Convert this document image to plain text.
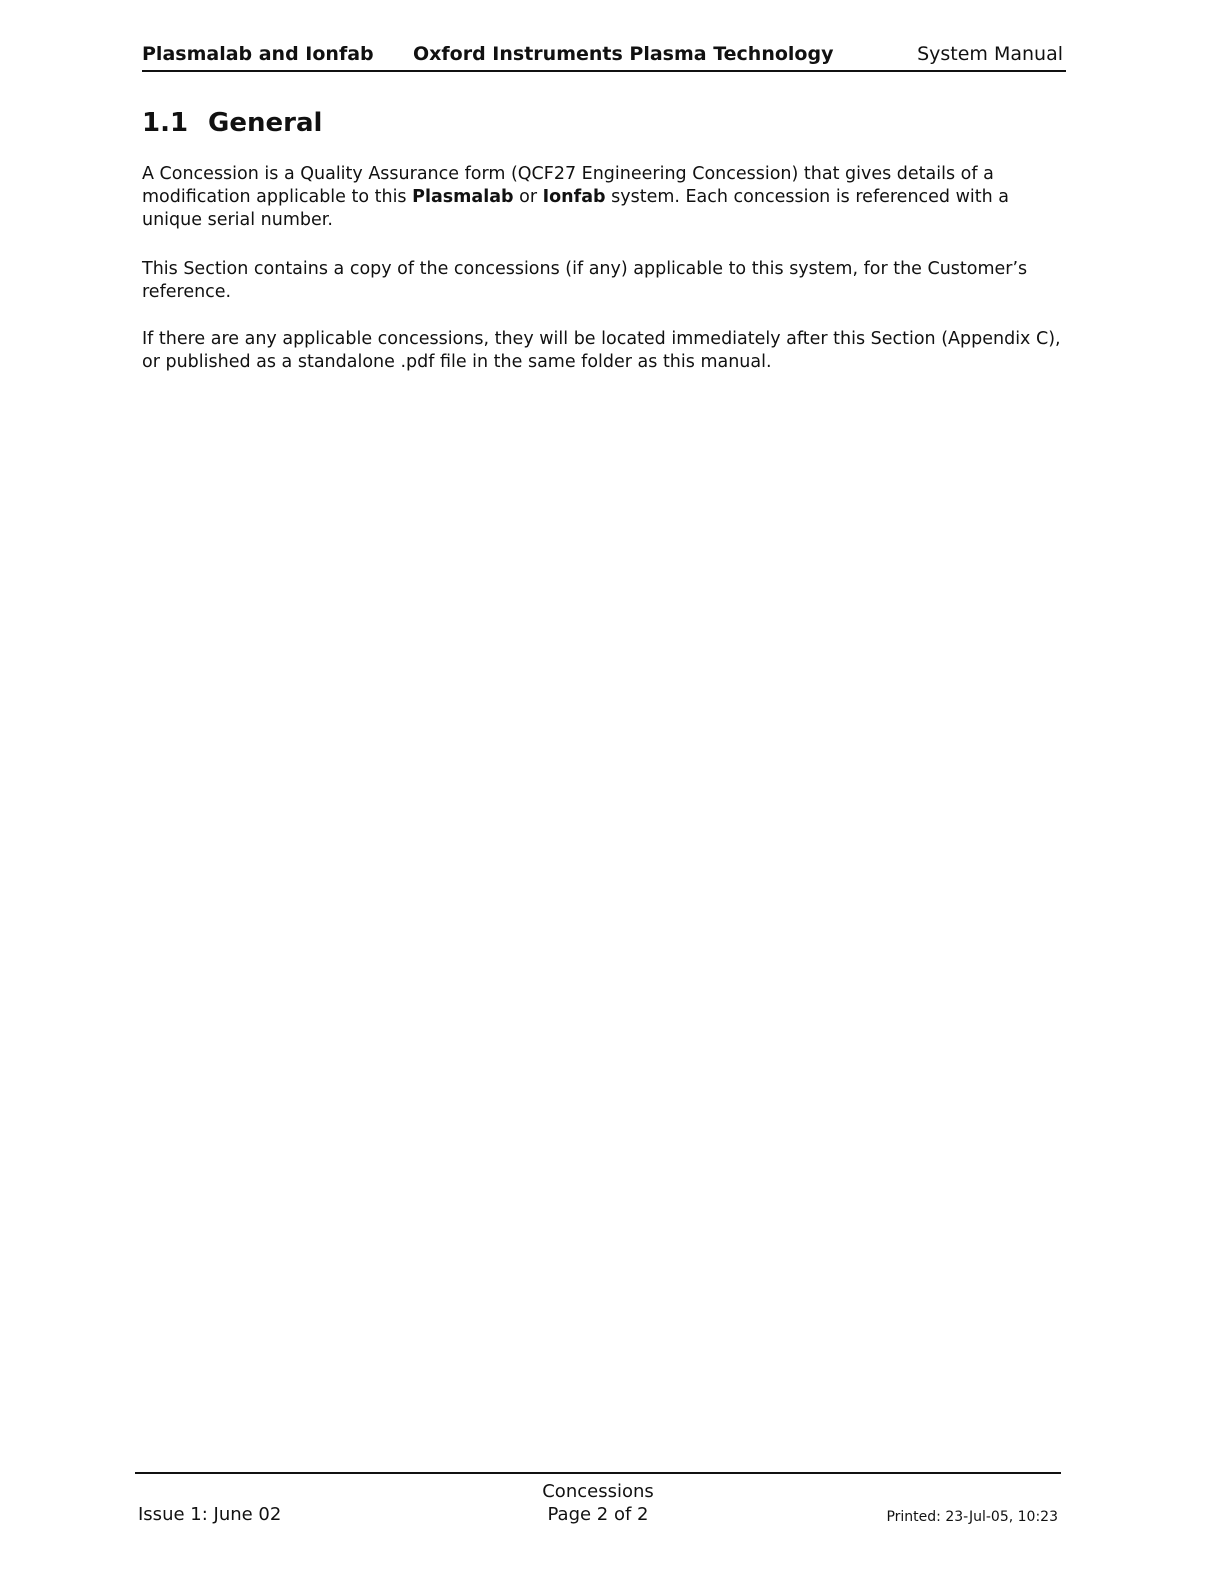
Plasmalab and Ionfab Oxford Instruments Plasma Technology	System Manual
1.1 General

A Concession is a Quality Assurance form (QCF27 Engineering Concession) that gives details of a modification applicable to this Plasmalab or Ionfab system. Each concession is referenced with a unique serial number.

This Section contains a copy of the concessions (if any) applicable to this system, for the Customer’s reference.

If there are any applicable concessions, they will be located immediately after this Section (Appendix C), or published as a standalone .pdf file in the same folder as this manual.

Issue 1: June 02
Concessions
Page 2 of 2	Printed: 23-Jul-05, 10:23
